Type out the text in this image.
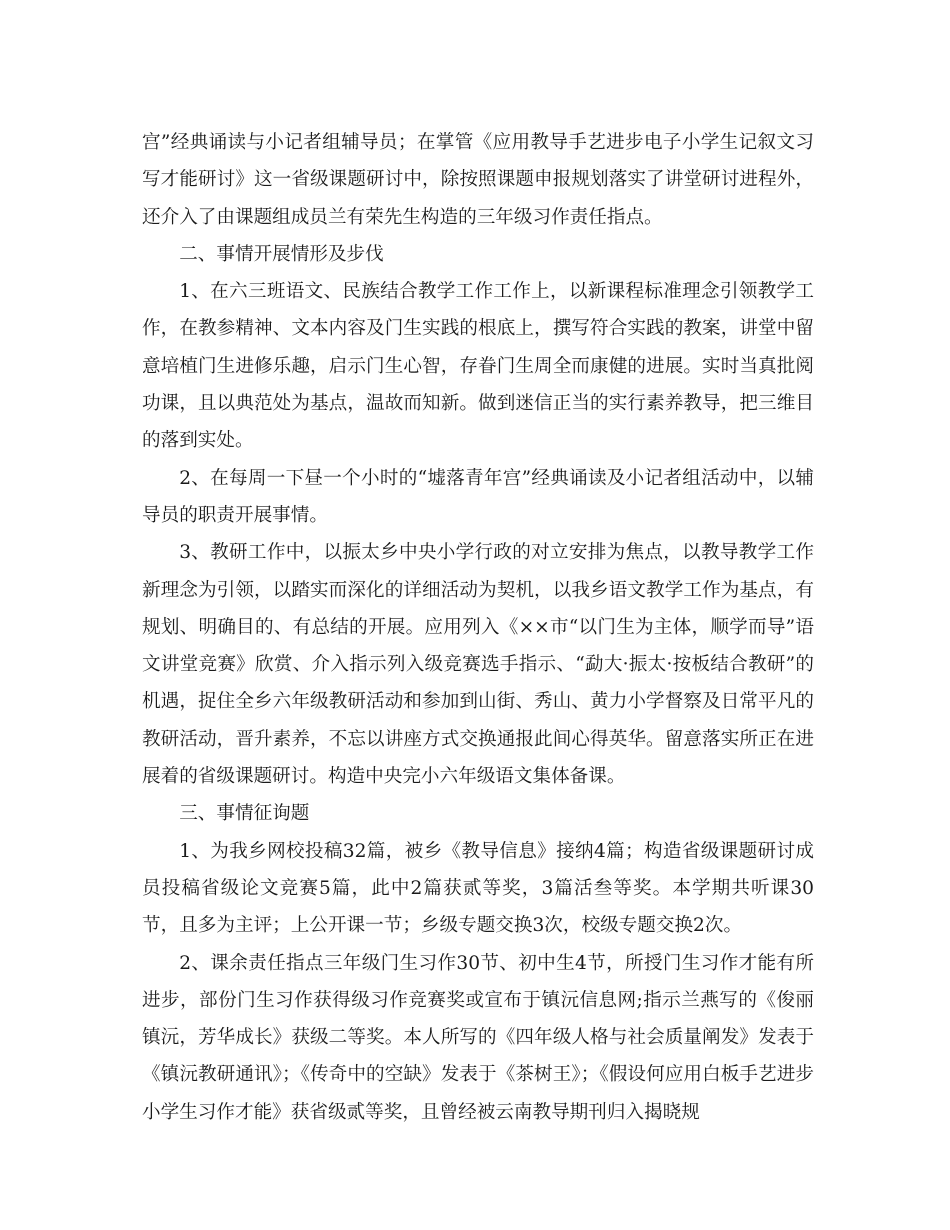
宫”经典诵读与小记者组辅导员；在掌管《应用教导手艺进步电子小学生记叙文习写才能研讨》这一省级课题研讨中，除按照课题申报规划落实了讲堂研讨进程外，还介入了由课题组成员兰有荣先生构造的三年级习作责任指点。

二、事情开展情形及步伐

1、在六三班语文、民族结合教学工作工作上，以新课程标准理念引领教学工作，在教参精神、文本内容及门生实践的根底上，撰写符合实践的教案，讲堂中留意培植门生进修乐趣，启示门生心智，存眷门生周全而康健的进展。实时当真批阅功课，且以典范处为基点，温故而知新。做到迷信正当的实行素养教导，把三维目的落到实处。

2、在每周一下昼一个小时的“墟落青年宫”经典诵读及小记者组活动中，以辅导员的职责开展事情。

3、教研工作中，以振太乡中央小学行政的对立安排为焦点，以教导教学工作新理念为引领，以踏实而深化的详细活动为契机，以我乡语文教学工作为基点，有规划、明确目的、有总结的开展。应用列入《××市“以门生为主体，顺学而导”语文讲堂竞赛》欣赏、介入指示列入级竞赛选手指示、“勐大·振太·按板结合教研”的机遇，捉住全乡六年级教研活动和参加到山街、秀山、黄力小学督察及日常平凡的教研活动，晋升素养，不忘以讲座方式交换通报此间心得英华。留意落实所正在进展着的省级课题研讨。构造中央完小六年级语文集体备课。

三、事情征询题

1、为我乡网校投稿32篇，被乡《教导信息》接纳4篇；构造省级课题研讨成员投稿省级论文竞赛5篇，此中2篇获贰等奖，3篇活叁等奖。本学期共听课30节，且多为主评；上公开课一节；乡级专题交换3次，校级专题交换2次。

2、课余责任指点三年级门生习作30节、初中生4节，所授门生习作才能有所进步，部份门生习作获得级习作竞赛奖或宣布于镇沅信息网;指示兰燕写的《俊丽镇沅，芳华成长》获级二等奖。本人所写的《四年级人格与社会质量阐发》发表于《镇沅教研通讯》；《传奇中的空缺》发表于《茶树王》；《假设何应用白板手艺进步小学生习作才能》获省级贰等奖，且曾经被云南教导期刊归入揭晓规
